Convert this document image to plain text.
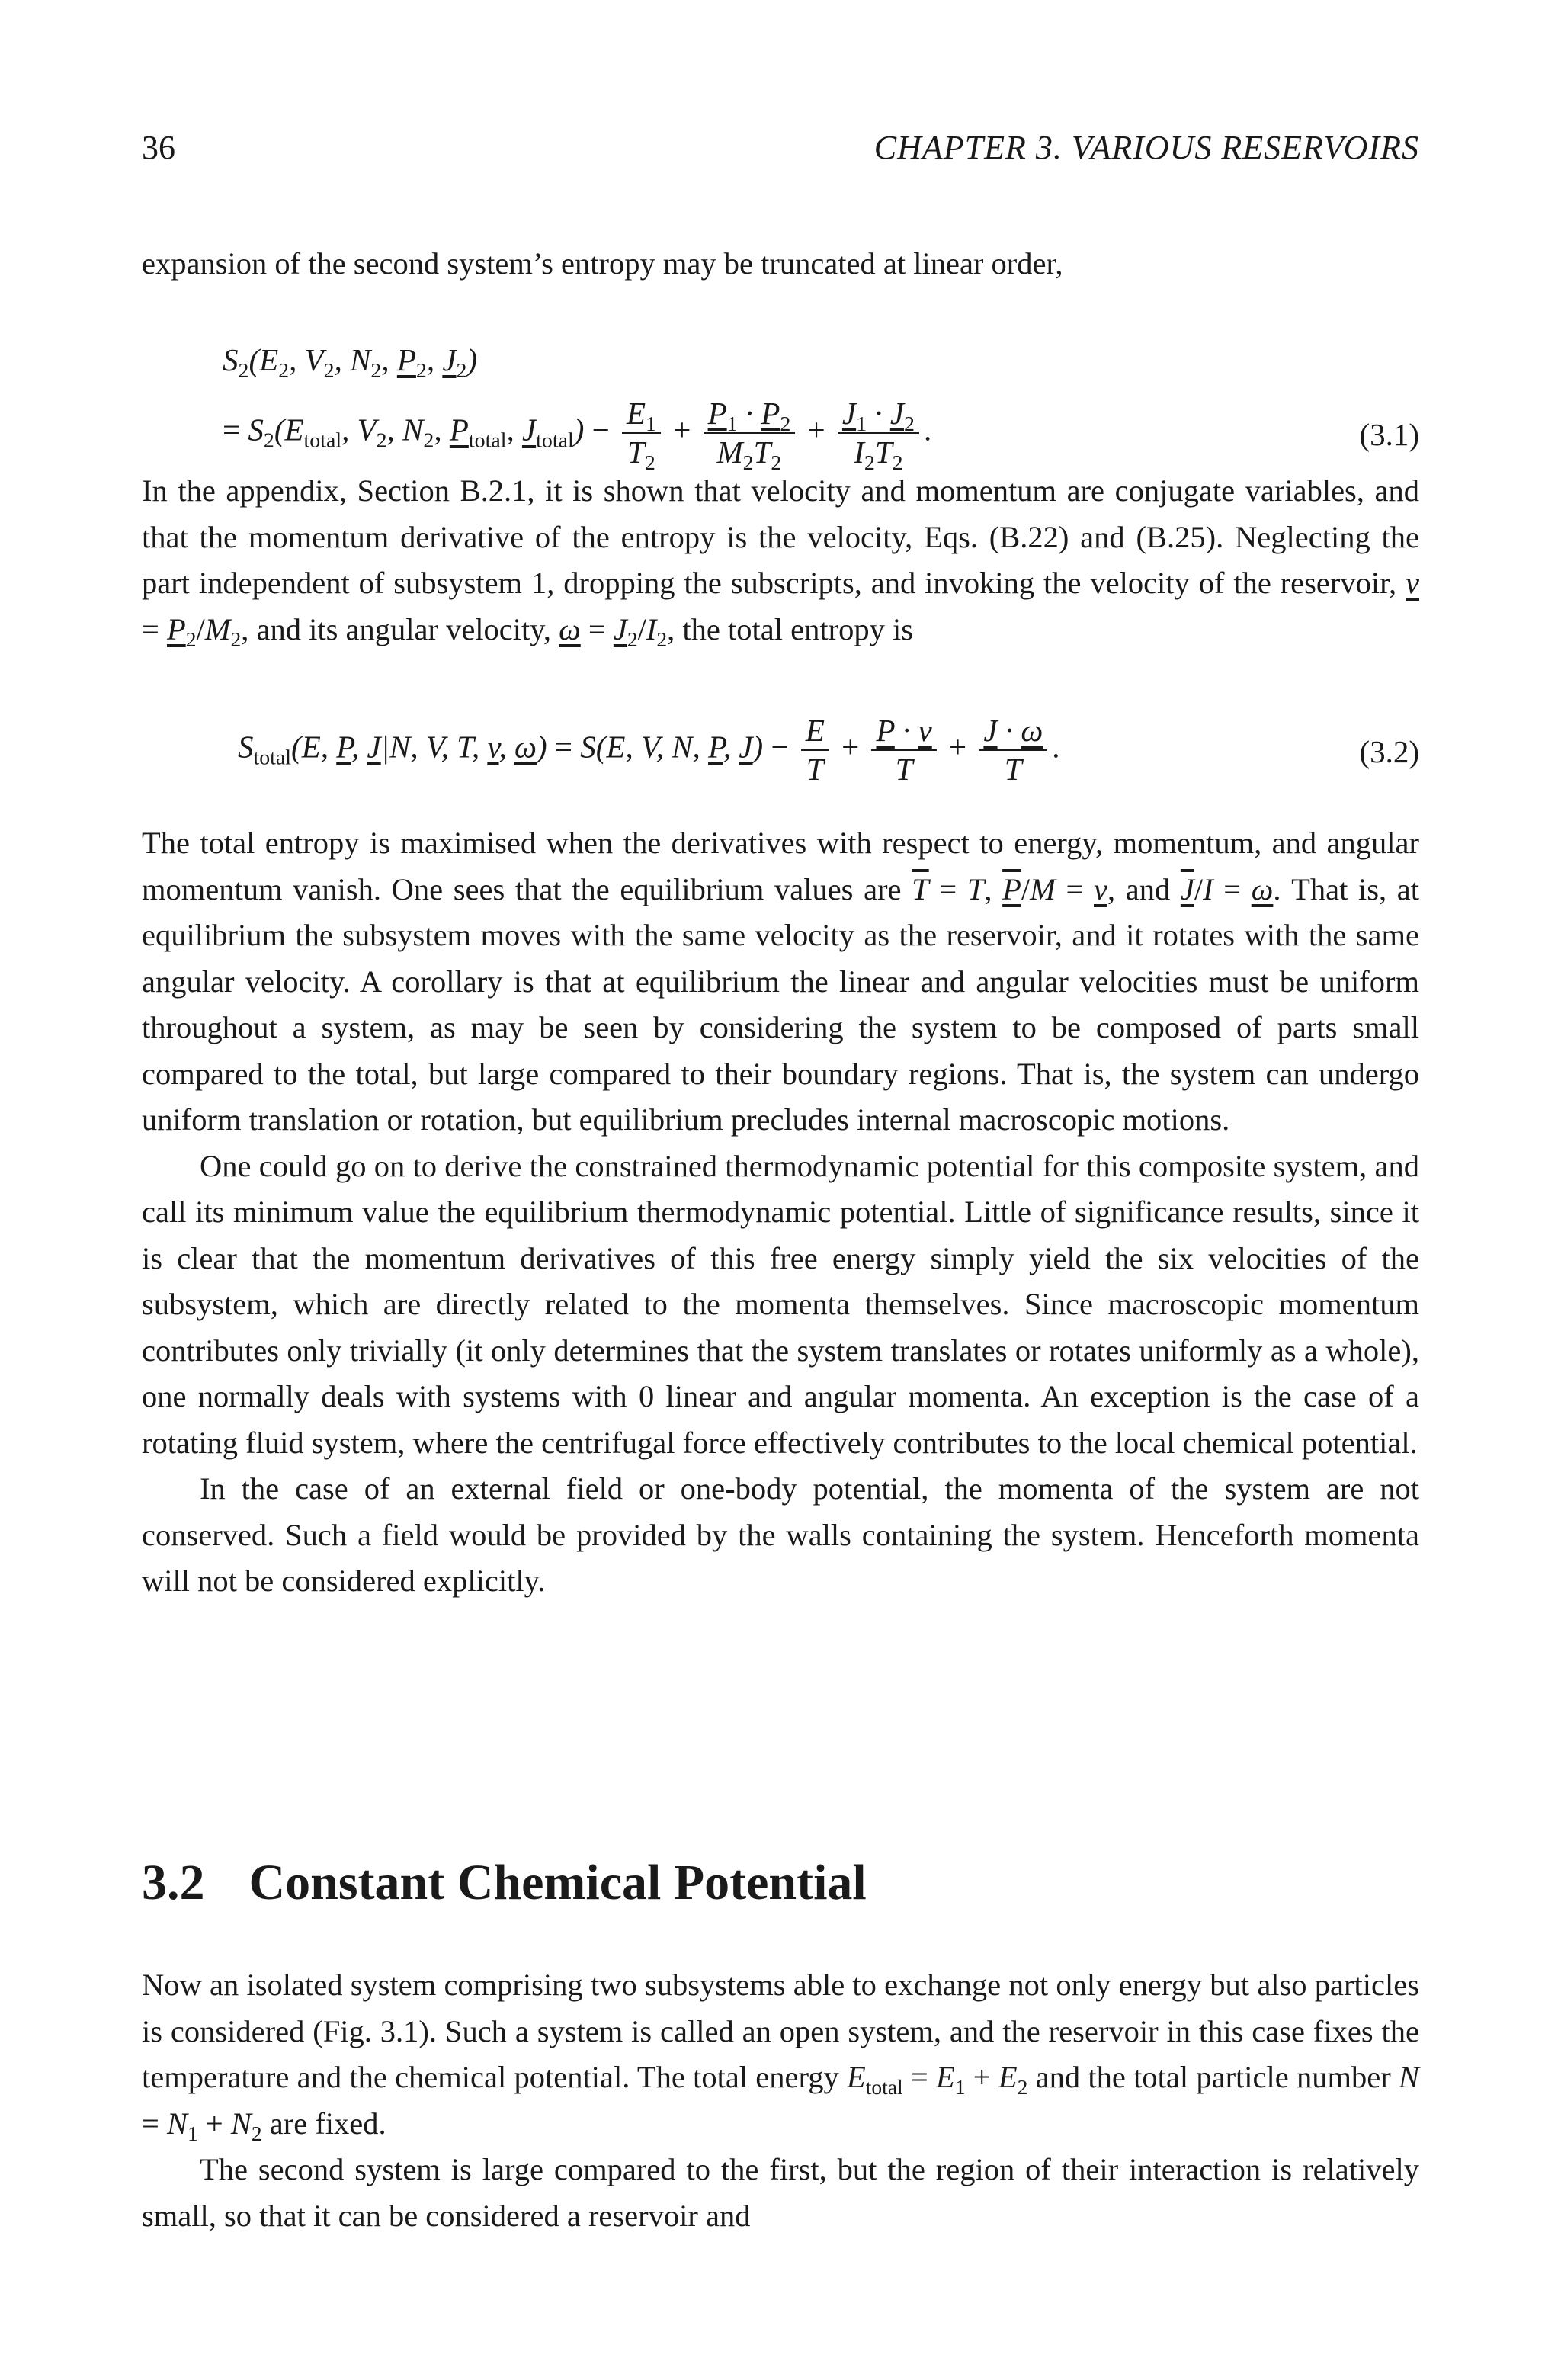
36	CHAPTER 3. VARIOUS RESERVOIRS

expansion of the second system’s entropy may be truncated at linear order,

$S_2(E_2$, $V_2$, $N_2$, $P_2$, $J_2$)
= $S_2(E_{total}$, $V_2$, $N_2$, $P_{total}$, $J_{total}) - \frac{E_1}{T_2} + \frac{P_1 \cdot P_2}{M_2T_2} + \frac{J_1 \cdot J_2}{I_2T_2}$ .	(3.1)

In the appendix, Section B.2.1, it is shown that velocity and momentum are conjugate variables, and that the momentum derivative of the entropy is the velocity, Eqs. (B.22) and (B.25). Neglecting the part independent of subsystem 1, dropping the subscripts, and invoking the velocity of the reservoir, $v = P_2/M_2$, and its angular velocity, $\omega = J_2/I_2$, the total entropy is

$S_{total}(E$, P, J|N, V, T, v, ω) = S(E, V, N, P, $J) - \frac{E}{T} + \frac{P \cdot v}{T} + \frac{J \cdot \omega}{T}$ .	(3.2)

The total entropy is maximised when the derivatives with respect to energy, momentum, and angular momentum vanish. One sees that the equilibrium values are $\overline{T} = T$, P/M = v, and J/I = ω. That is, at equilibrium the subsystem moves with the same velocity as the reservoir, and it rotates with the same angular velocity. A corollary is that at equilibrium the linear and angular velocities must be uniform throughout a system, as may be seen by considering the system to be composed of parts small compared to the total, but large compared to their boundary regions. That is, the system can undergo uniform translation or rotation, but equilibrium precludes internal macroscopic motions.

One could go on to derive the constrained thermodynamic potential for this composite system, and call its minimum value the equilibrium thermodynamic potential. Little of significance results, since it is clear that the momentum derivatives of this free energy simply yield the six velocities of the subsystem, which are directly related to the momenta themselves. Since macroscopic momentum contributes only trivially (it only determines that the system translates or rotates uniformly as a whole), one normally deals with systems with 0 linear and angular momenta. An exception is the case of a rotating fluid system, where the centrifugal force effectively contributes to the local chemical potential.

In the case of an external field or one-body potential, the momenta of the system are not conserved. Such a field would be provided by the walls containing the system. Henceforth momenta will not be considered explicitly.

3.2 Constant Chemical Potential

Now an isolated system comprising two subsystems able to exchange not only energy but also particles is considered (Fig. 3.1). Such a system is called an open system, and the reservoir in this case fixes the temperature and the chemical potential. The total energy $E_{total} = E_1 + E_2$ and the total particle number $N = N_1 + N_2$ are fixed.

The second system is large compared to the first, but the region of their interaction is relatively small, so that it can be considered a reservoir and
